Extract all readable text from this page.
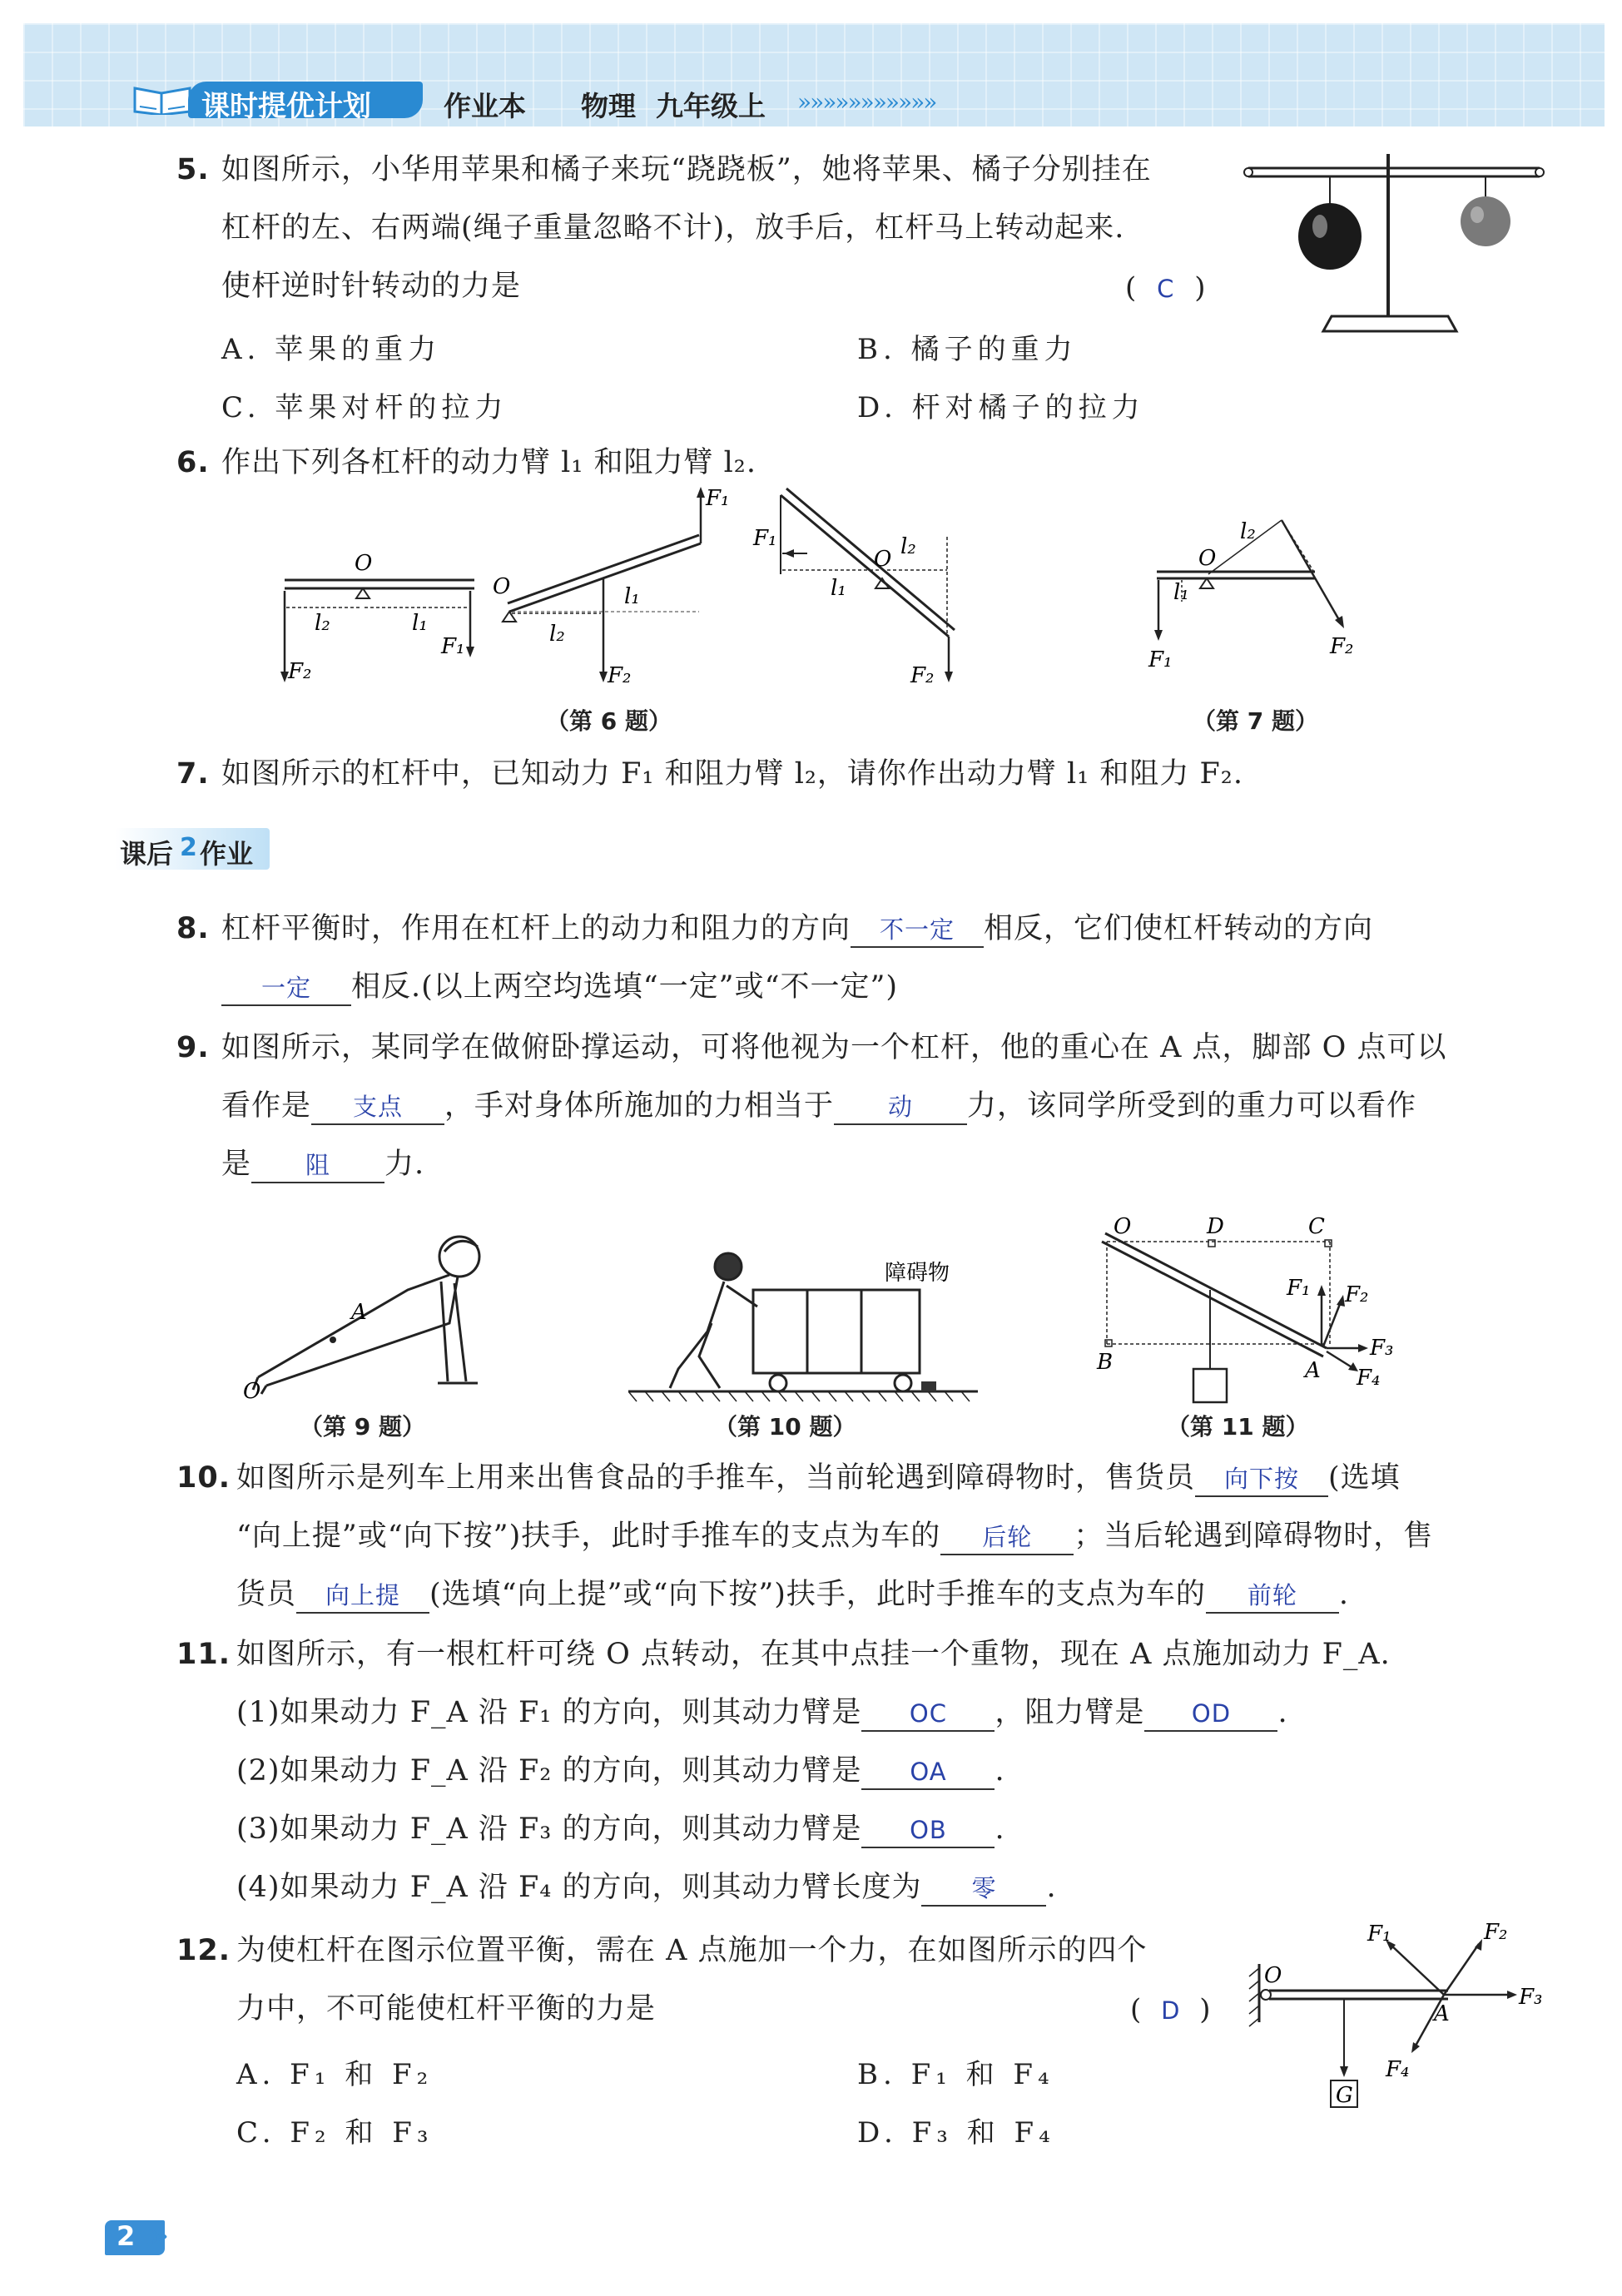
课时提优计划	作业本 物理 九年级上 »»»»»»»»»»»
5. 如图所示，小华用苹果和橘子来玩“跷跷板”，她将苹果、橘子分别挂在
杠杆的左、右两端(绳子重量忽略不计)，放手后，杠杆马上转动起来.
使杆逆时针转动的力是	( C )
A. 苹果的重力	B. 橘子的重力
C. 苹果对杆的拉力	D. 杆对橘子的拉力
6. 作出下列各杠杆的动力臂 l₁ 和阻力臂 l₂.
O
F₂
F₁
l₂	l₁
O
F₁
F₂
l₂
l₁
O
F₁
F₂
l₁
l₂	O
F₁
l₁
l₂
F₂
（第 6 题）	（第 7 题）
7. 如图所示的杠杆中，已知动力 F₁ 和阻力臂 l₂，请你作出动力臂 l₁ 和阻力 F₂.
课后 2 作业
8. 杠杆平衡时，作用在杠杆上的动力和阻力的方向 不一定 相反，它们使杠杆转动的方向
一定 相反.(以上两空均选填“一定”或“不一定”)
9. 如图所示，某同学在做俯卧撑运动，可将他视为一个杠杆，他的重心在 A 点，脚部 O 点可以
看作是 支点 ，手对身体所施加的力相当于 动 力，该同学所受到的重力可以看作
是 阻 力.
A
O
障碍物
O	D	C
B	A
F₁ F₂
F₃
F₄
（第 9 题）	（第 10 题）	（第 11 题）
10. 如图所示是列车上用来出售食品的手推车，当前轮遇到障碍物时，售货员 向下按 (选填
“向上提”或“向下按”)扶手，此时手推车的支点为车的 后轮 ；当后轮遇到障碍物时，售
货员 向上提 (选填“向上提”或“向下按”)扶手，此时手推车的支点为车的 前轮 .
11. 如图所示，有一根杠杆可绕 O 点转动，在其中点挂一个重物，现在 A 点施加动力 F_A.
(1)如果动力 F_A 沿 F₁ 的方向，则其动力臂是 OC ，阻力臂是 OD .
(2)如果动力 F_A 沿 F₂ 的方向，则其动力臂是 OA .
(3)如果动力 F_A 沿 F₃ 的方向，则其动力臂是 OB .
(4)如果动力 F_A 沿 F₄ 的方向，则其动力臂长度为 零 .
12. 为使杠杆在图示位置平衡，需在 A 点施加一个力，在如图所示的四个
力中，不可能使杠杆平衡的力是	( D )
A. F₁ 和 F₂	B. F₁ 和 F₄
C. F₂ 和 F₃	D. F₃ 和 F₄
O
G
A
F₁	F₂
F₃
F₄
2 »
